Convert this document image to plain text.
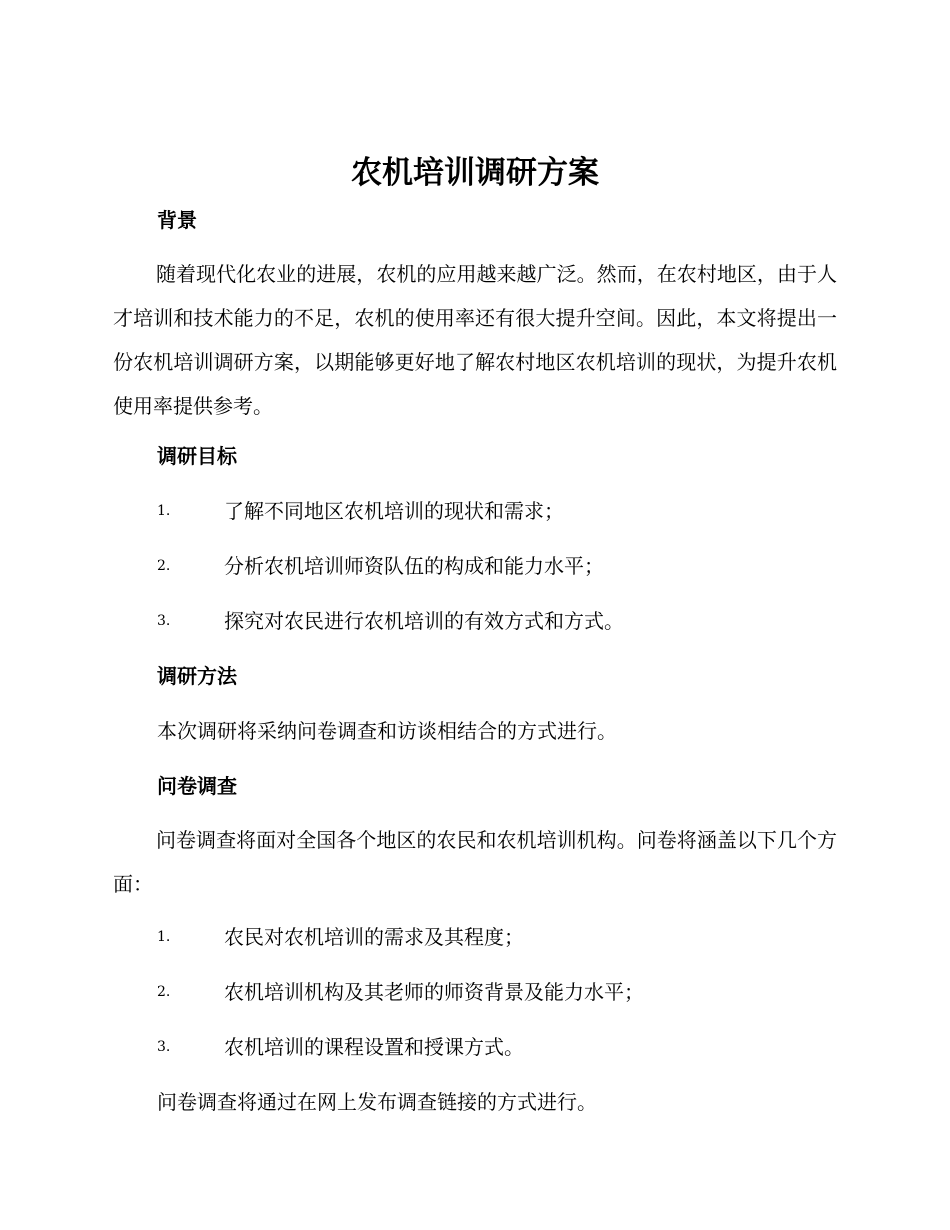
农机培训调研方案
背景

随着现代化农业的进展，农机的应用越来越广泛。然而，在农村地区，由于人才培训和技术能力的不足，农机的使用率还有很大提升空间。因此，本文将提出一份农机培训调研方案，以期能够更好地了解农村地区农机培训的现状，为提升农机使用率提供参考。

调研目标
1.	了解不同地区农机培训的现状和需求；
2.	分析农机培训师资队伍的构成和能力水平；
3.	探究对农民进行农机培训的有效方式和方式。
调研方法

本次调研将采纳问卷调查和访谈相结合的方式进行。

问卷调查

问卷调查将面对全国各个地区的农民和农机培训机构。问卷将涵盖以下几个方面：

1.	农民对农机培训的需求及其程度；
2.	农机培训机构及其老师的师资背景及能力水平；
3.	农机培训的课程设置和授课方式。

问卷调查将通过在网上发布调查链接的方式进行。
